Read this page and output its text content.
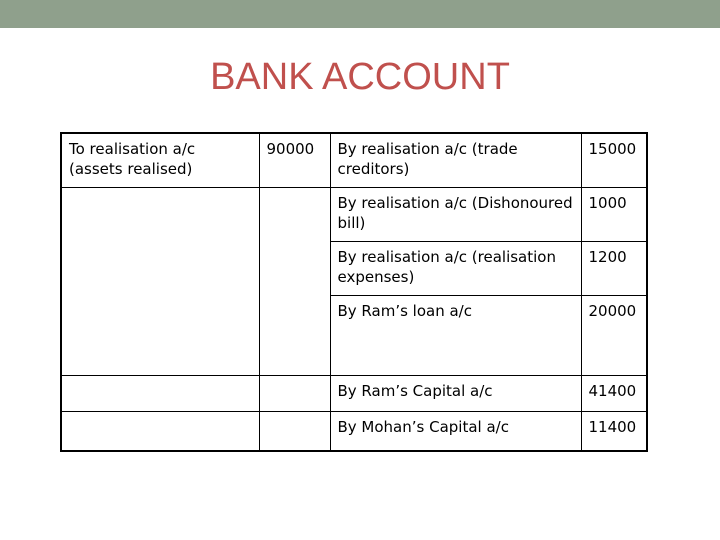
BANK ACCOUNT
To realisation a/c (assets realised)	90000	By realisation a/c (trade creditors)	15000
		By realisation a/c (Dishonoured bill)	1000
		By realisation a/c (realisation expenses)	1200
		By Ram’s loan a/c	20000
		By Ram’s Capital a/c	41400
		By Mohan’s Capital a/c	11400
